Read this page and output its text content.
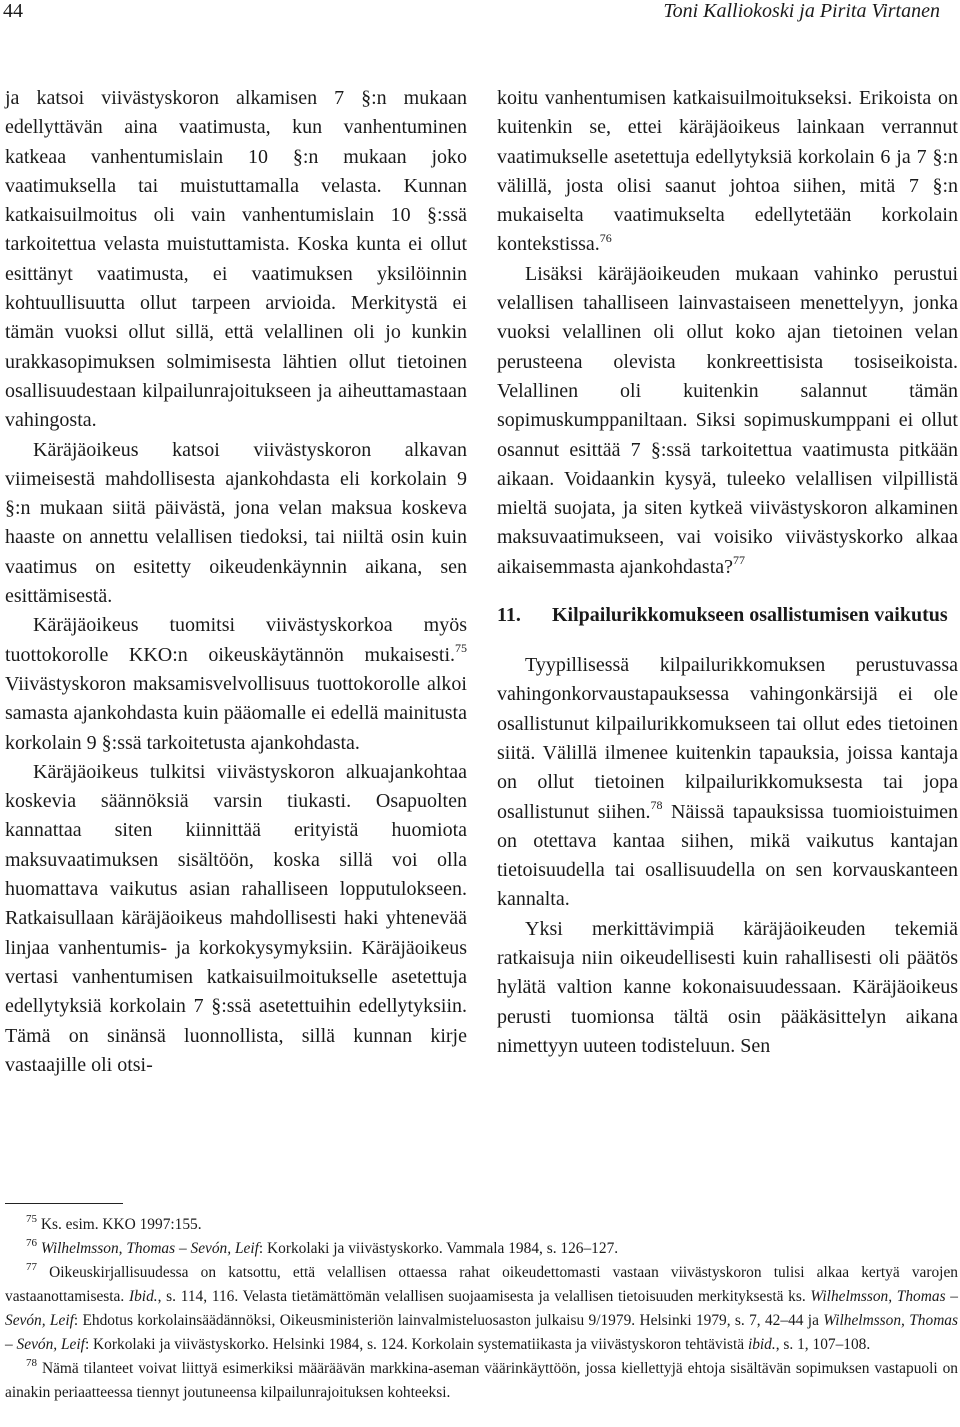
44	Toni Kalliokoski ja Pirita Virtanen

ja katsoi viivästyskoron alkamisen 7 §:n mukaan edellyttävän aina vaatimusta, kun vanhentuminen katkeaa vanhentumislain 10 §:n mukaan joko vaatimuksella tai muistuttamalla velasta. Kunnan katkaisuilmoitus oli vain vanhentumislain 10 §:ssä tarkoitettua velasta muistuttamista. Koska kunta ei ollut esittänyt vaatimusta, ei vaatimuksen yksilöinnin kohtuullisuutta ollut tarpeen arvioida. Merkitystä ei tämän vuoksi ollut sillä, että velallinen oli jo kunkin urakkasopimuksen solmimisesta lähtien ollut tietoinen osallisuudestaan kilpailunrajoitukseen ja aiheuttamastaan vahingosta.

Käräjäoikeus katsoi viivästyskoron alkavan viimeisestä mahdollisesta ajankohdasta eli korkolain 9 §:n mukaan siitä päivästä, jona velan maksua koskeva haaste on annettu velallisen tiedoksi, tai niiltä osin kuin vaatimus on esitetty oikeudenkäynnin aikana, sen esittämisestä.

Käräjäoikeus tuomitsi viivästyskorkoa myös tuottokorolle KKO:n oikeuskäytännön mukaisesti.$^{75}$ Viivästyskoron maksamisvelvollisuus tuottokorolle alkoi samasta ajankohdasta kuin pääomalle ei edellä mainitusta korkolain 9 §:ssä tarkoitetusta ajankohdasta.

Käräjäoikeus tulkitsi viivästyskoron alkuajankohtaa koskevia säännöksiä varsin tiukasti. Osapuolten kannattaa siten kiinnittää erityistä huomiota maksuvaatimuksen sisältöön, koska sillä voi olla huomattava vaikutus asian rahalliseen lopputulokseen. Ratkaisullaan käräjäoikeus mahdollisesti haki yhtenevää linjaa vanhentumis- ja korkokysymyksiin. Käräjäoikeus vertasi vanhentumisen katkaisuilmoitukselle asetettuja edellytyksiä korkolain 7 §:ssä asetettuihin edellytyksiin. Tämä on sinänsä luonnollista, sillä kunnan kirje vastaajille oli otsi-

koitu vanhentumisen katkaisuilmoitukseksi. Erikoista on kuitenkin se, ettei käräjäoikeus lainkaan verrannut vaatimukselle asetettuja edellytyksiä korkolain 6 ja 7 §:n välillä, josta olisi saanut johtoa siihen, mitä 7 §:n mukaiselta vaatimukselta edellytetään korkolain kontekstissa.$^{76}$

Lisäksi käräjäoikeuden mukaan vahinko perustui velallisen tahalliseen lainvastaiseen menettelyyn, jonka vuoksi velallinen oli ollut koko ajan tietoinen velan perusteena olevista konkreettisista tosiseikoista. Velallinen oli kuitenkin salannut tämän sopimuskumppaniltaan. Siksi sopimuskumppani ei ollut osannut esittää 7 §:ssä tarkoitettua vaatimusta pitkään aikaan. Voidaankin kysyä, tuleeko velallisen vilpillistä mieltä suojata, ja siten kytkeä viivästyskoron alkaminen maksuvaatimukseen, vai voisiko viivästyskorko alkaa aikaisemmasta ajankohdasta?$^{77}$

11.	Kilpailurikkomukseen osallistumisen vaikutus

Tyypillisessä kilpailurikkomuksen perustuvassa vahingonkorvaustapauksessa vahingonkärsijä ei ole osallistunut kilpailurikkomukseen tai ollut edes tietoinen siitä. Välillä ilmenee kuitenkin tapauksia, joissa kantaja on ollut tietoinen kilpailurikkomuksesta tai jopa osallistunut siihen.$^{78}$ Näissä tapauksissa tuomioistuimen on otettava kantaa siihen, mikä vaikutus kantajan tietoisuudella tai osallisuudella on sen korvauskanteen kannalta.

Yksi merkittävimpiä käräjäoikeuden tekemiä ratkaisuja niin oikeudellisesti kuin rahallisesti oli päätös hylätä valtion kanne kokonaisuudessaan. Käräjäoikeus perusti tuomionsa tältä osin pääkäsittelyn aikana nimettyyn uuteen todisteluun. Sen

$^{75}$ Ks. esim. KKO 1997:155.

$^{76}$ Wilhelmsson, Thomas – Sevón, Leif: Korkolaki ja viivästyskorko. Vammala 1984, s. 126–127.

$^{77}$ Oikeuskirjallisuudessa on katsottu, että velallisen ottaessa rahat oikeudettomasti vastaan viivästyskoron tulisi alkaa kertyä varojen vastaanottamisesta. Ibid., s. 114, 116. Velasta tietämättömän velallisen suojaamisesta ja velallisen tietoisuuden merkityksestä ks. Wilhelmsson, Thomas – Sevón, Leif: Ehdotus korkolainsäädännöksi, Oikeusministeriön lainvalmisteluosaston julkaisu 9/1979. Helsinki 1979, s. 7, 42–44 ja Wilhelmsson, Thomas – Sevón, Leif: Korkolaki ja viivästyskorko. Helsinki 1984, s. 124. Korkolain systematiikasta ja viivästyskoron tehtävistä ibid., s. 1, 107–108.

$^{78}$ Nämä tilanteet voivat liittyä esimerkiksi määräävän markkina-aseman väärinkäyttöön, jossa kiellettyjä ehtoja sisältävän sopimuksen vastapuoli on ainakin periaatteessa tiennyt joutuneensa kilpailunrajoituksen kohteeksi.
